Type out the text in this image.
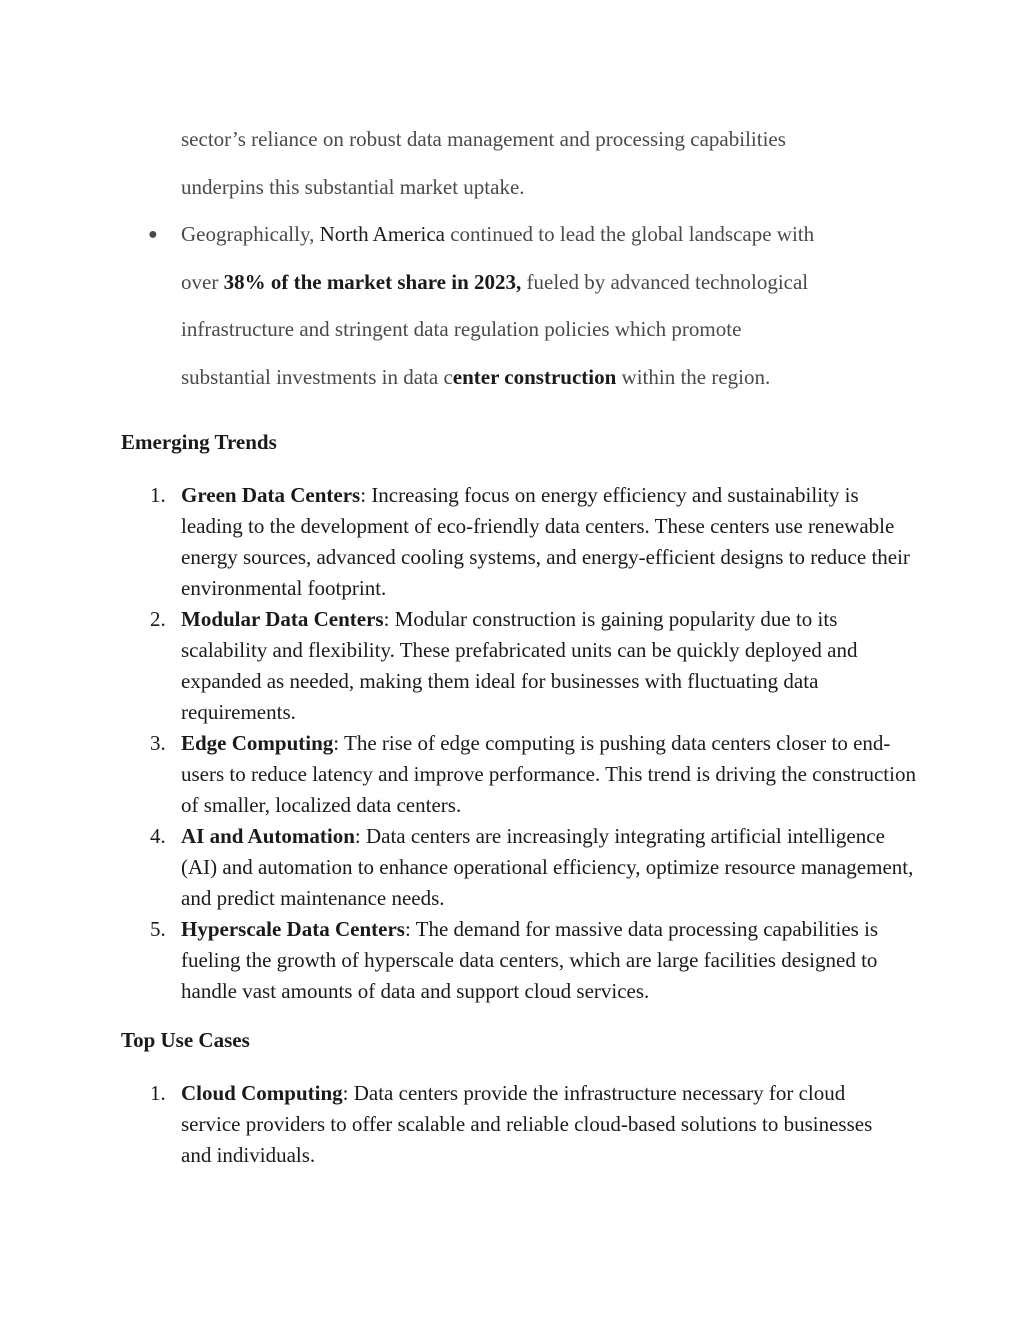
sector’s reliance on robust data management and processing capabilities

underpins this substantial market uptake.

● Geographically, North America continued to lead the global landscape with

over 38% of the market share in 2023, fueled by advanced technological

infrastructure and stringent data regulation policies which promote

substantial investments in data center construction within the region.

Emerging Trends
1. Green Data Centers: Increasing focus on energy efficiency and sustainability is leading to the development of eco-friendly data centers. These centers use renewable energy sources, advanced cooling systems, and energy-efficient designs to reduce their environmental footprint.
2. Modular Data Centers: Modular construction is gaining popularity due to its scalability and flexibility. These prefabricated units can be quickly deployed and expanded as needed, making them ideal for businesses with fluctuating data requirements.
3. Edge Computing: The rise of edge computing is pushing data centers closer to end-users to reduce latency and improve performance. This trend is driving the construction of smaller, localized data centers.
4. AI and Automation: Data centers are increasingly integrating artificial intelligence (AI) and automation to enhance operational efficiency, optimize resource management, and predict maintenance needs.
5. Hyperscale Data Centers: The demand for massive data processing capabilities is fueling the growth of hyperscale data centers, which are large facilities designed to handle vast amounts of data and support cloud services.
Top Use Cases
1. Cloud Computing: Data centers provide the infrastructure necessary for cloud service providers to offer scalable and reliable cloud-based solutions to businesses and individuals.
